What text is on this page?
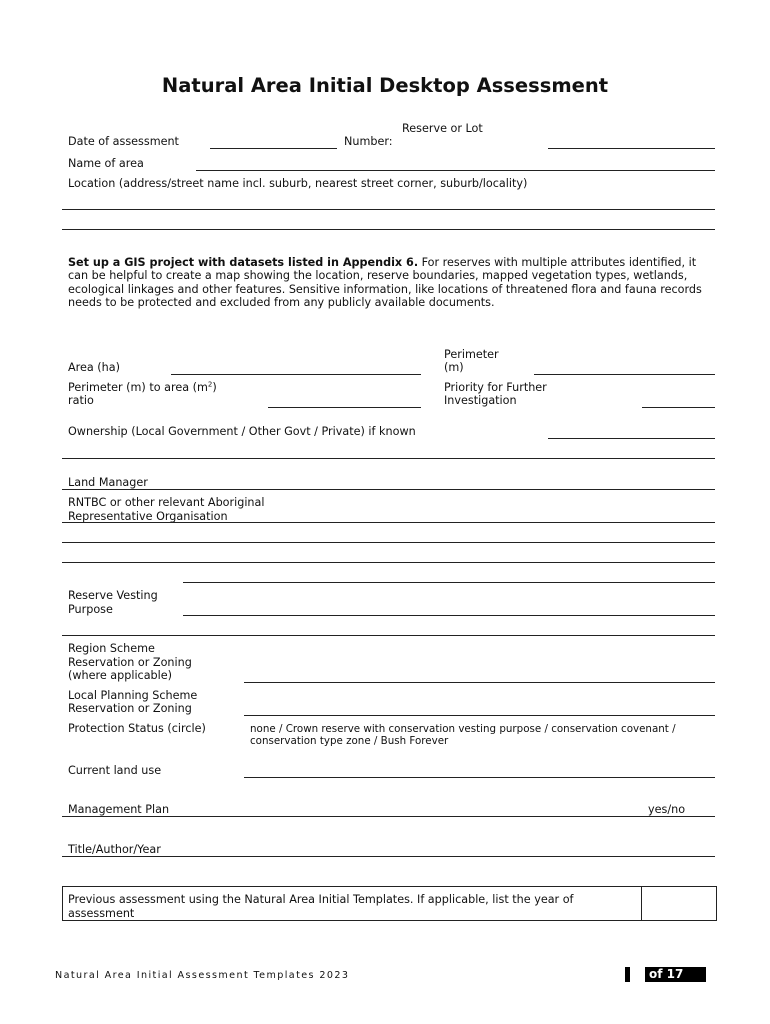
Natural Area Initial Desktop Assessment
Date of assessment
Reserve or Lot
Number:
Name of area
Location (address/street name incl. suburb, nearest street corner, suburb/locality)
Set up a GIS project with datasets listed in Appendix 6. For reserves with multiple attributes identified, it can be helpful to create a map showing the location, reserve boundaries, mapped vegetation types, wetlands, ecological linkages and other features. Sensitive information, like locations of threatened flora and fauna records needs to be protected and excluded from any publicly available documents.
Perimeter
(m)
Area (ha)
Perimeter (m) to area $(m^2)$
ratio
Priority for Further
Investigation
Ownership (Local Government / Other Govt / Private) if known
Land Manager
RNTBC or other relevant Aboriginal
Representative Organisation
Reserve Vesting
Purpose
Region Scheme
Reservation or Zoning
(where applicable)
Local Planning Scheme
Reservation or Zoning
Protection Status (circle)	none / Crown reserve with conservation vesting purpose / conservation covenant /
conservation type zone / Bush Forever
Current land use
Management Plan	yes/no
Title/Author/Year
Previous assessment using the Natural Area Initial Templates. If applicable, list the year of
assessment
Natural Area Initial Assessment Templates 2023	of 17
